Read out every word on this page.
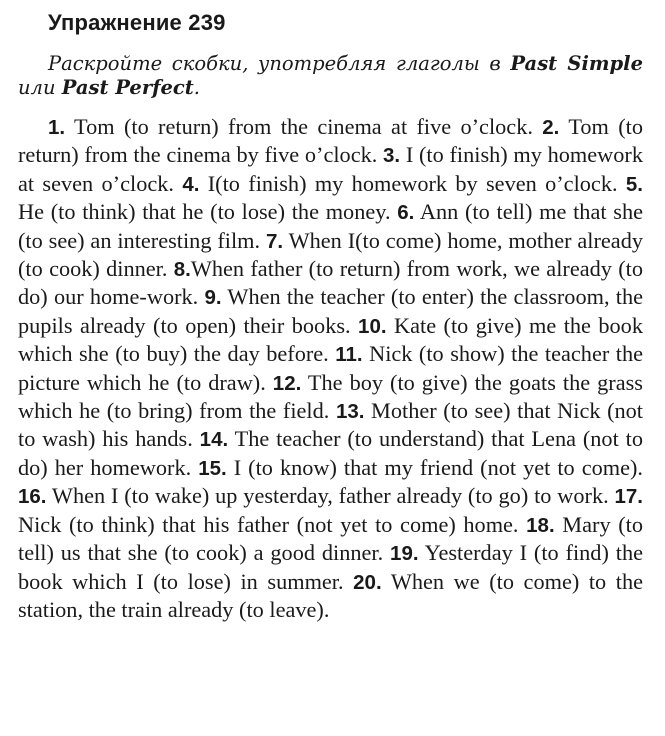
Упражнение 239
Раскройте скобки, употребляя глаголы в Past Simple или Past Perfect.
1. Tom (to return) from the cinema at five o’clock. 2. Tom (to return) from the cinema by five o’clock. 3. I (to finish) my homework at seven o’clock. 4. I(to finish) my homework by seven o’clock. 5. He (to think) that he (to lose) the money. 6. Ann (to tell) me that she (to see) an interesting film. 7. When I(to come) home, mother already (to cook) dinner. 8.When father (to return) from work, we already (to do) our home-work. 9. When the teacher (to enter) the classroom, the pupils already (to open) their books. 10. Kate (to give) me the book which she (to buy) the day before. 11. Nick (to show) the teacher the picture which he (to draw). 12. The boy (to give) the goats the grass which he (to bring) from the field. 13. Mother (to see) that Nick (not to wash) his hands. 14. The teacher (to understand) that Lena (not to do) her homework. 15. I (to know) that my friend (not yet to come). 16. When I (to wake) up yesterday, father already (to go) to work. 17. Nick (to think) that his father (not yet to come) home. 18. Mary (to tell) us that she (to cook) a good dinner. 19. Yesterday I (to find) the book which I (to lose) in summer. 20. When we (to come) to the station, the train already (to leave).
